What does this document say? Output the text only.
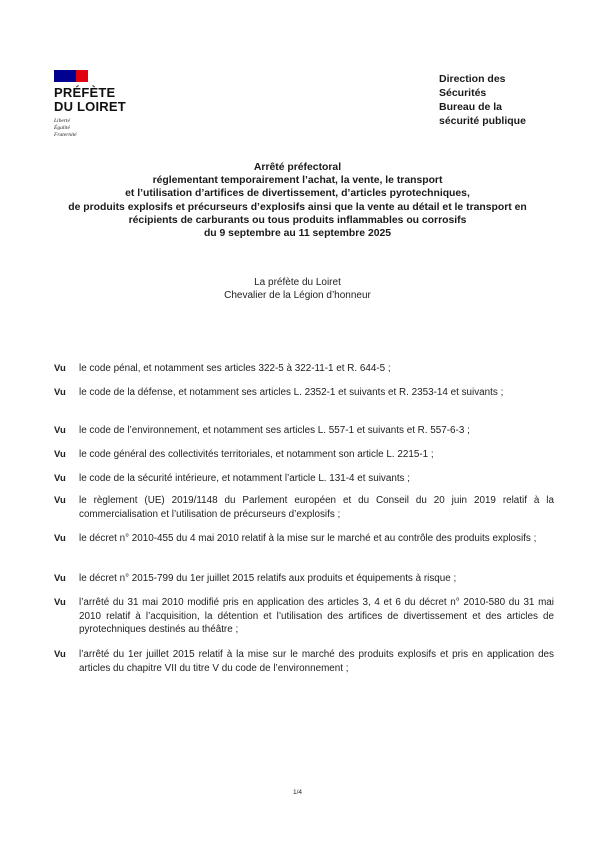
PRÉFÈTE
DU LOIRET
Liberté
Égalité
Fraternité
Direction des
Sécurités
Bureau de la
sécurité publique
Arrêté préfectoral
réglementant temporairement l’achat, la vente, le transport
et l’utilisation d’artifices de divertissement, d’articles pyrotechniques,
de produits explosifs et précurseurs d’explosifs ainsi que la vente au détail et le transport en
récipients de carburants ou tous produits inflammables ou corrosifs
du 9 septembre au 11 septembre 2025
La préfète du Loiret
Chevalier de la Légion d’honneur
Vu	le code pénal, et notamment ses articles 322-5 à 322-11-1 et R. 644-5 ;
Vu	le code de la défense, et notamment ses articles L. 2352-1 et suivants et R. 2353-14 et suivants ;
Vu	le code de l’environnement, et notamment ses articles L. 557-1 et suivants et R. 557-6-3 ;
Vu	le code général des collectivités territoriales, et notamment son article L. 2215-1 ;
Vu	le code de la sécurité intérieure, et notamment l’article L. 131-4 et suivants ;
Vu	le règlement (UE) 2019/1148 du Parlement européen et du Conseil du 20 juin 2019 relatif à la commercialisation et l’utilisation de précurseurs d’explosifs ;
Vu	le décret n° 2010-455 du 4 mai 2010 relatif à la mise sur le marché et au contrôle des produits explosifs ;
Vu	le décret n° 2015-799 du 1er juillet 2015 relatifs aux produits et équipements à risque ;
Vu	l’arrêté du 31 mai 2010 modifié pris en application des articles 3, 4 et 6 du décret n° 2010-580 du 31 mai 2010 relatif à l’acquisition, la détention et l’utilisation des artifices de divertissement et des articles de pyrotechniques destinés au théâtre ;
Vu	l’arrêté du 1er juillet 2015 relatif à la mise sur le marché des produits explosifs et pris en application des articles du chapitre VII du titre V du code de l’environnement ;
1/4
